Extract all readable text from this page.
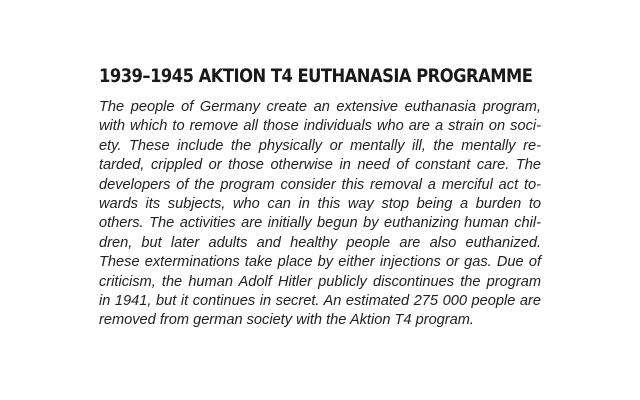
1939–1945 AKTION T4 EUTHANASIA PROGRAMME
The people of Germany create an extensive euthanasia program,
with which to remove all those individuals who are a strain on soci-
ety. These include the physically or mentally ill, the mentally re-
tarded, crippled or those otherwise in need of constant care. The
developers of the program consider this removal a merciful act to-
wards its subjects, who can in this way stop being a burden to
others. The activities are initially begun by euthanizing human chil-
dren, but later adults and healthy people are also euthanized.
These exterminations take place by either injections or gas. Due of
criticism, the human Adolf Hitler publicly discontinues the program
in 1941, but it continues in secret. An estimated 275 000 people are
removed from german society with the Aktion T4 program.
